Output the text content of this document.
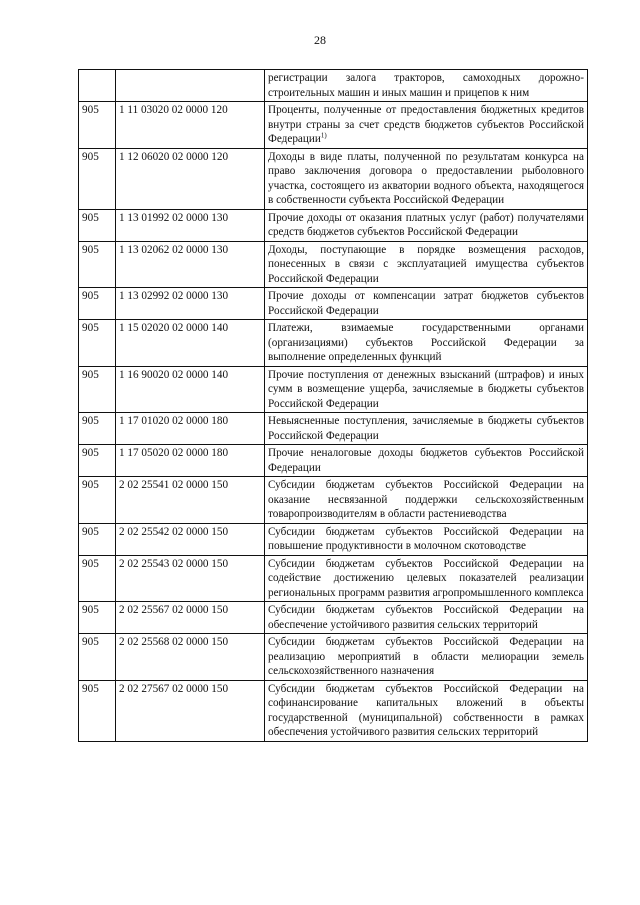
28
		регистрации залога тракторов, самоходных дорожно-строительных машин и иных машин и прицепов к ним
905	1 11 03020 02 0000 120	Проценты, полученные от предоставления бюджетных кредитов внутри страны за счет средств бюджетов субъектов Российской Федерации$^{1)}$
905	1 12 06020 02 0000 120	Доходы в виде платы, полученной по результатам конкурса на право заключения договора о предоставлении рыболовного участка, состоящего из акватории водного объекта, находящегося в собственности субъекта Российской Федерации
905	1 13 01992 02 0000 130	Прочие доходы от оказания платных услуг (работ) получателями средств бюджетов субъектов Российской Федерации
905	1 13 02062 02 0000 130	Доходы, поступающие в порядке возмещения расходов, понесенных в связи с эксплуатацией имущества субъектов Российской Федерации
905	1 13 02992 02 0000 130	Прочие доходы от компенсации затрат бюджетов субъектов Российской Федерации
905	1 15 02020 02 0000 140	Платежи, взимаемые государственными органами (организациями) субъектов Российской Федерации за выполнение определенных функций
905	1 16 90020 02 0000 140	Прочие поступления от денежных взысканий (штрафов) и иных сумм в возмещение ущерба, зачисляемые в бюджеты субъектов Российской Федерации
905	1 17 01020 02 0000 180	Невыясненные поступления, зачисляемые в бюджеты субъектов Российской Федерации
905	1 17 05020 02 0000 180	Прочие неналоговые доходы бюджетов субъектов Российской Федерации
905	2 02 25541 02 0000 150	Субсидии бюджетам субъектов Российской Федерации на оказание несвязанной поддержки сельскохозяйственным товаропроизводителям в области растениеводства
905	2 02 25542 02 0000 150	Субсидии бюджетам субъектов Российской Федерации на повышение продуктивности в молочном скотоводстве
905	2 02 25543 02 0000 150	Субсидии бюджетам субъектов Российской Федерации на содействие достижению целевых показателей реализации региональных программ развития агропромышленного комплекса
905	2 02 25567 02 0000 150	Субсидии бюджетам субъектов Российской Федерации на обеспечение устойчивого развития сельских территорий
905	2 02 25568 02 0000 150	Субсидии бюджетам субъектов Российской Федерации на реализацию мероприятий в области мелиорации земель сельскохозяйственного назначения
905	2 02 27567 02 0000 150	Субсидии бюджетам субъектов Российской Федерации на софинансирование капитальных вложений в объекты государственной (муниципальной) собственности в рамках обеспечения устойчивого развития сельских территорий
